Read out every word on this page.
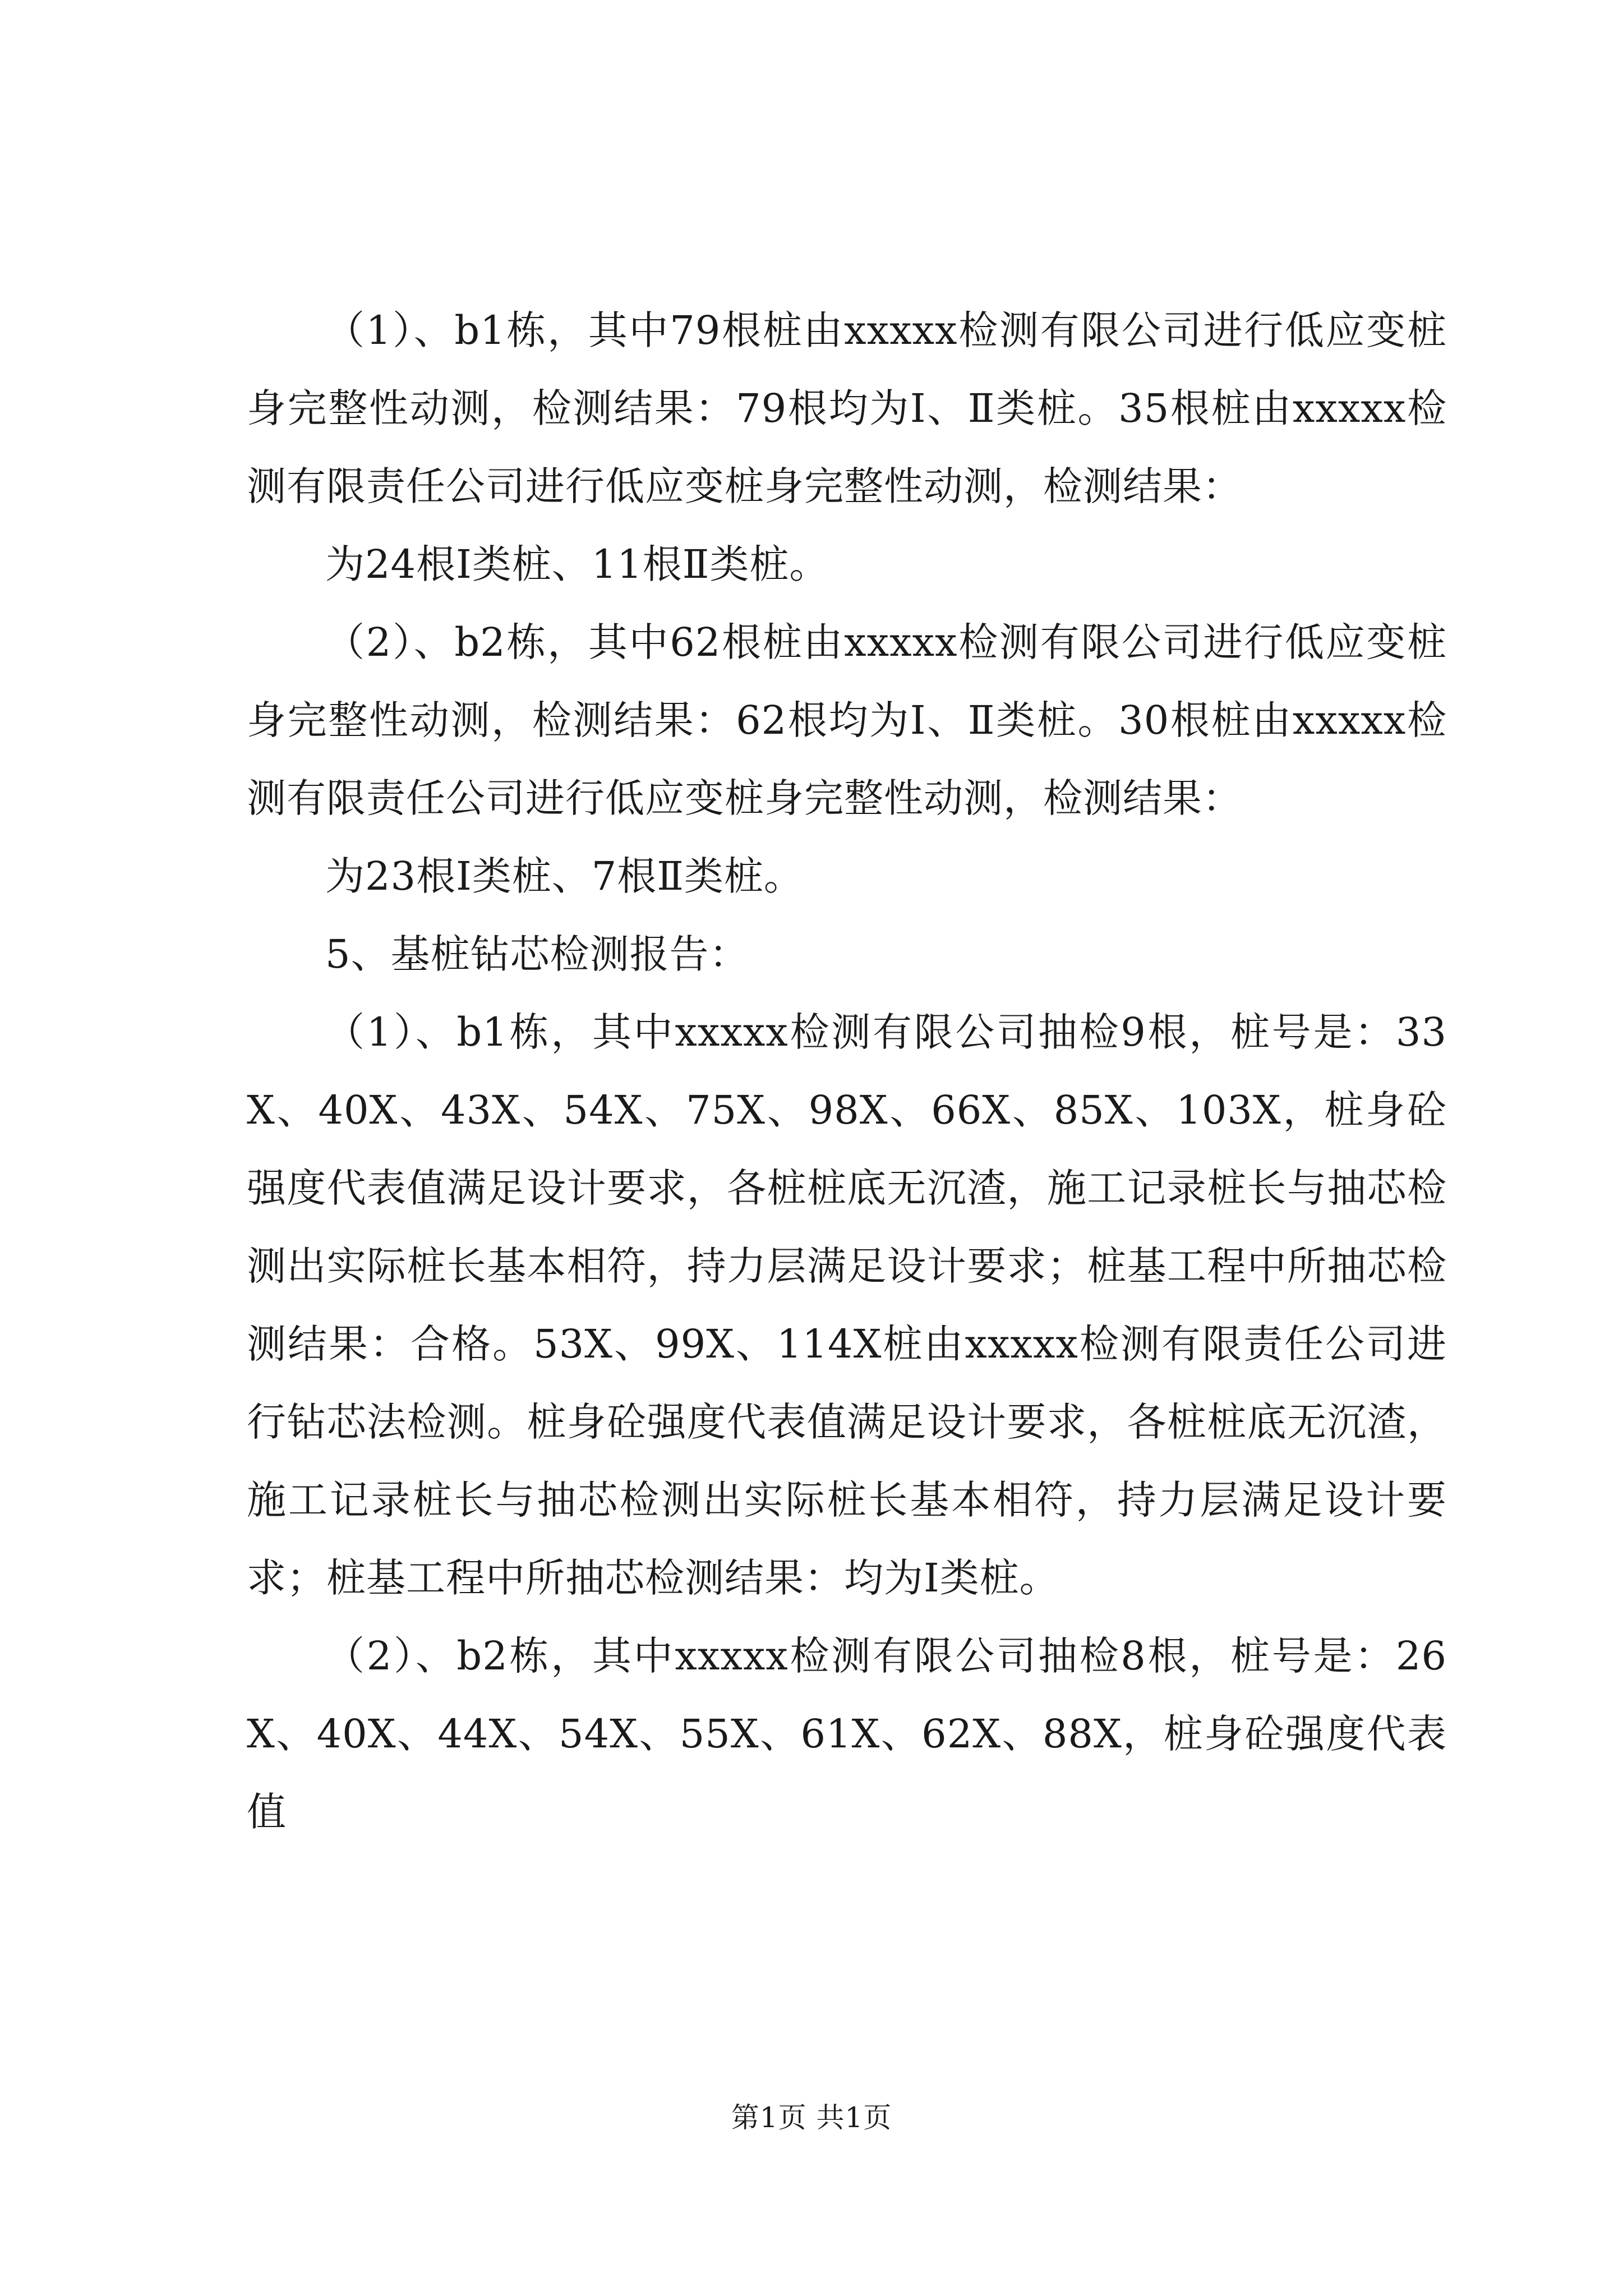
（1）、b1栋，其中79根桩由xxxxx检测有限公司进行低应变桩身完整性动测，检测结果：79根均为Ⅰ、Ⅱ类桩。35根桩由xxxxx检测有限责任公司进行低应变桩身完整性动测，检测结果：

为24根Ⅰ类桩、11根Ⅱ类桩。

（2）、b2栋，其中62根桩由xxxxx检测有限公司进行低应变桩身完整性动测，检测结果：62根均为Ⅰ、Ⅱ类桩。30根桩由xxxxx检测有限责任公司进行低应变桩身完整性动测，检测结果：

为23根Ⅰ类桩、7根Ⅱ类桩。

5、基桩钻芯检测报告：

（1）、b1栋，其中xxxxx检测有限公司抽检9根，桩号是：33X、40X、43X、54X、75X、98X、66X、85X、103X，桩身砼强度代表值满足设计要求，各桩桩底无沉渣，施工记录桩长与抽芯检测出实际桩长基本相符，持力层满足设计要求；桩基工程中所抽芯检测结果：合格。53X、99X、114X桩由xxxxx检测有限责任公司进行钻芯法检测。桩身砼强度代表值满足设计要求，各桩桩底无沉渣，施工记录桩长与抽芯检测出实际桩长基本相符，持力层满足设计要求；桩基工程中所抽芯检测结果：均为Ⅰ类桩。

（2）、b2栋，其中xxxxx检测有限公司抽检8根，桩号是：26X、40X、44X、54X、55X、61X、62X、88X，桩身砼强度代表值

第1页 共1页
